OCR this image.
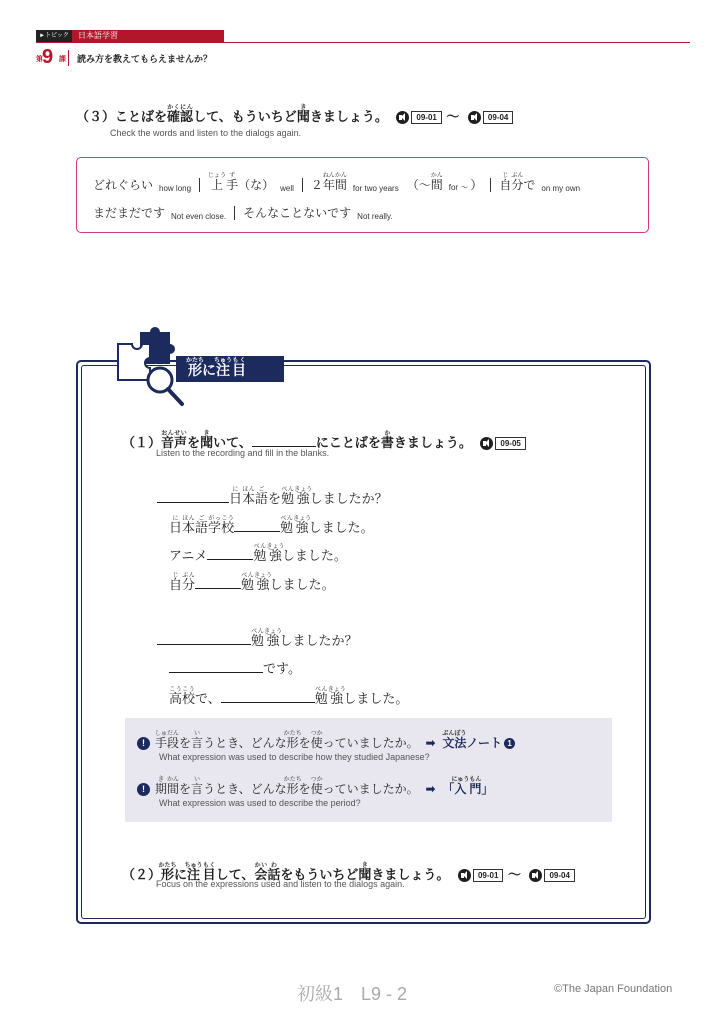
►トピック	日本語学習
第 9 課 読み方を教えてもらえませんか？
（３）ことばを確かく認にんして、もういちど聞ききましょう。	09-01 ～	09-04
Check the words and listen to the dialogs again.
どれぐらい how long 上じょう手ず（な） well ２年ねん間かん
for two years （～間かん
for ～ ） 自じ分ぶんで on my own
まだまだです Not even close. そんなことないです Not really.
形かたちに注ちゅう目もく
（１）音おん声せいを聞きいて、	にことばを書かきましょう。	09-05
Listen to the recording and fill in the blanks.
日に本ほん語ごを勉べん強きょうしましたか？
日に本ほん語ご学がっ校こう勉べん強きょうしました。
アニメ	勉べん強きょうしました。
自じ分ぶん勉べん強きょうしました。
勉べん強きょうしましたか？
です。
高こう校こうで、	勉べん強きょうしました。
! 手しゅ段だんを言いうとき、どんな形かたちを使つかっていましたか。 ➡ 文ぶん法ぽうノート 1
What expression was used to describe how they studied Japanese?
! 期き間かんを言いうとき、どんな形かたちを使つかっていましたか。 ➡ 「入にゅう門もん」
What expression was used to describe the period?
（２）形かたちに注ちゅう目もくして、会かい話わをもういちど聞ききましょう。	09-01 ～	09-04
Focus on the expressions used and listen to the dialogs again.
初級1　L9 - 2	©The Japan Foundation
